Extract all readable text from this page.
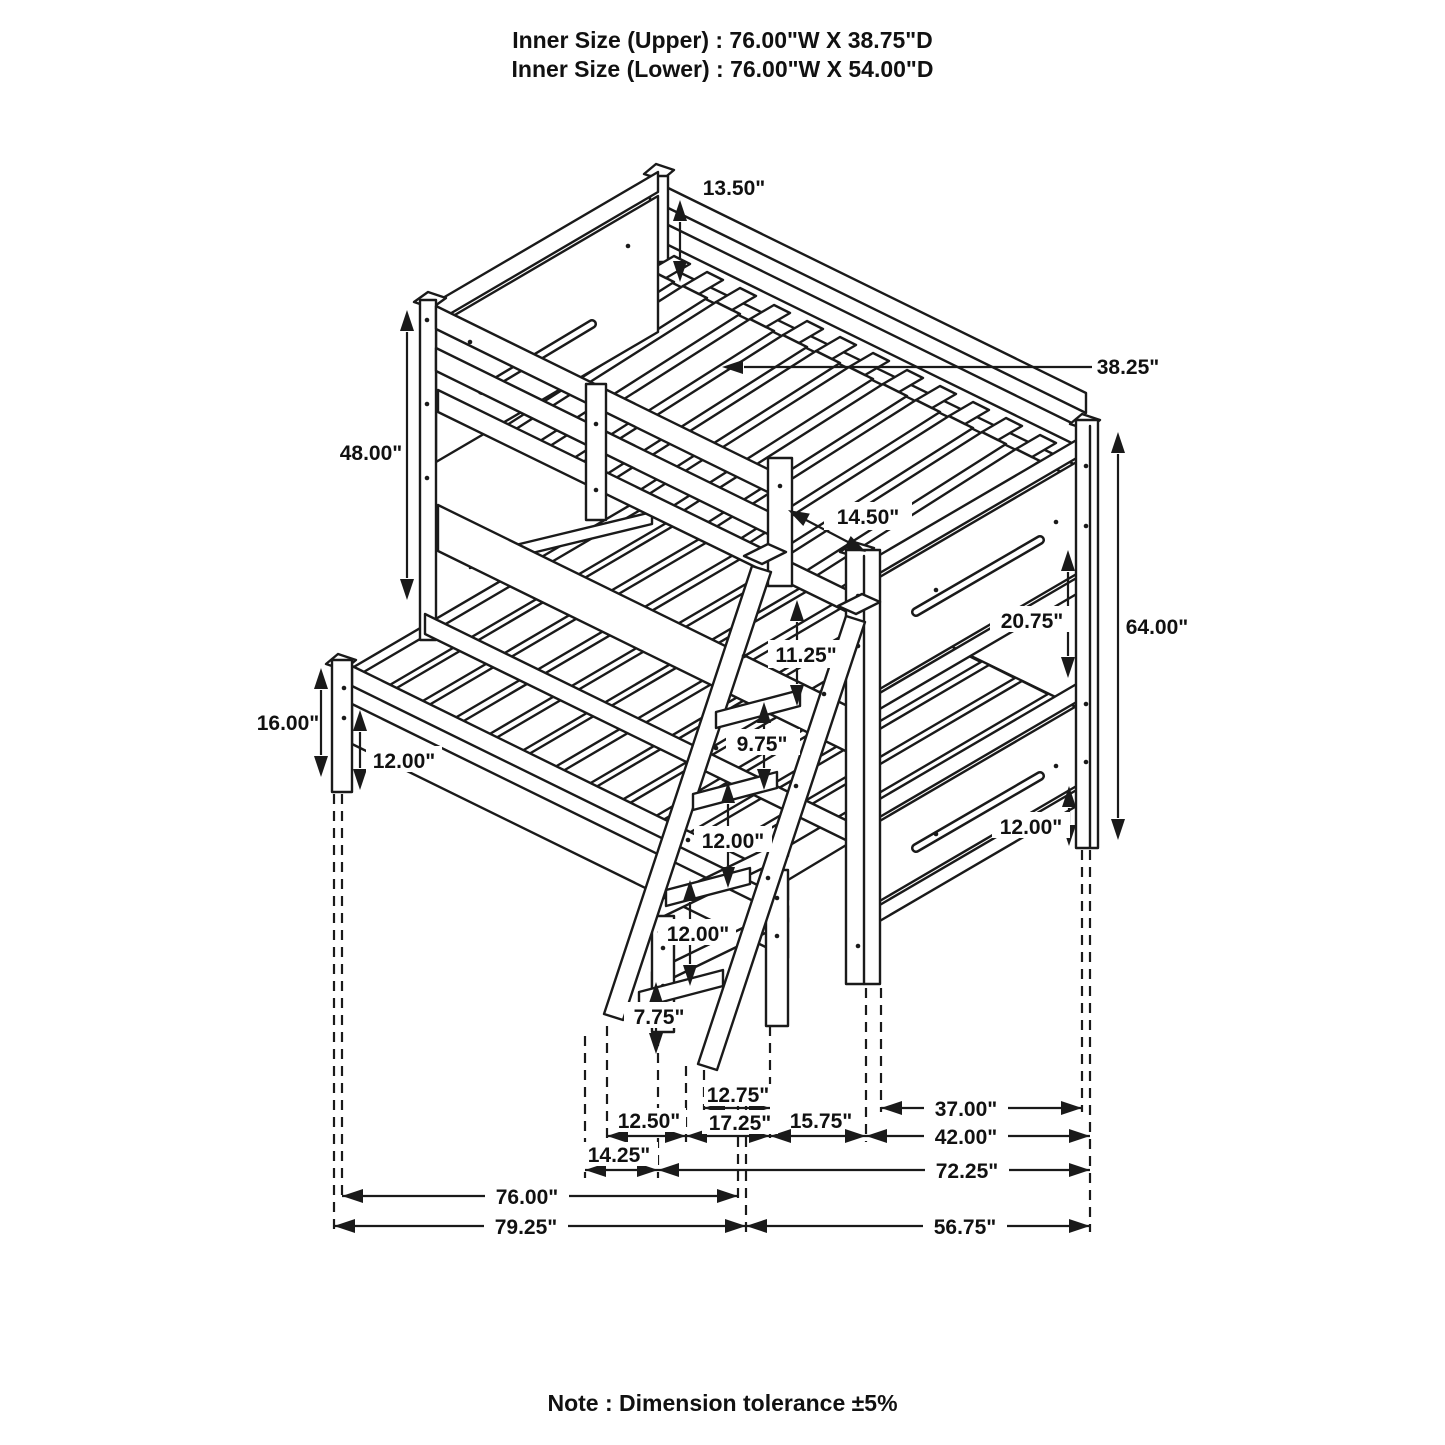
Inner Size (Upper) : 76.00"W X 38.75"D
Inner Size (Lower) : 76.00"W X 54.00"D
13.50"
38.25"
48.00"
16.00"
12.00"
14.50"
11.25"
9.75"
12.00"
12.00"
7.75"
20.75"	64.00"
12.00"
12.75"
37.00"
12.50" 17.25" 15.75"
42.00"
14.25"
72.25"
76.00"
79.25"	56.75"
Note : Dimension tolerance ±5%
